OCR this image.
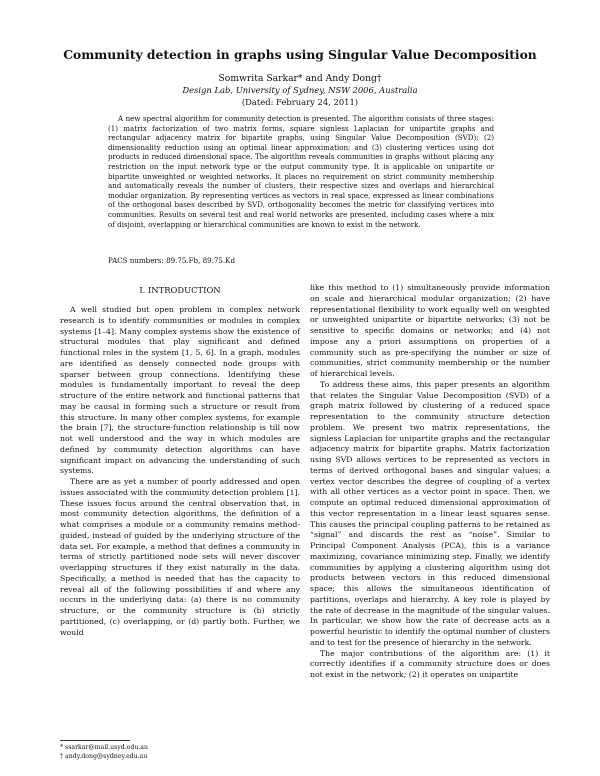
Community detection in graphs using Singular Value Decomposition
Somwrita Sarkar* and Andy Dong†
Design Lab, University of Sydney, NSW 2006, Australia
(Dated: February 24, 2011)
A new spectral algorithm for community detection is presented. The algorithm consists of three stages: (1) matrix factorization of two matrix forms, square signless Laplacian for unipartite graphs and rectangular adjacency matrix for bipartite graphs, using Singular Value Decomposition (SVD); (2) dimensionality reduction using an optimal linear approximation; and (3) clustering vertices using dot products in reduced dimensional space. The algorithm reveals communities in graphs without placing any restriction on the input network type or the output community type. It is applicable on unipartite or bipartite unweighted or weighted networks. It places no requirement on strict community membership and automatically reveals the number of clusters, their respective sizes and overlaps and hierarchical modular organization. By representing vertices as vectors in real space, expressed as linear combinations of the orthogonal bases described by SVD, orthogonality becomes the metric for classifying vertices into communities. Results on several test and real world networks are presented, including cases where a mix of disjoint, overlapping or hierarchical communities are known to exist in the network.
PACS numbers: 89.75.Fb, 89.75.Kd
I. INTRODUCTION

A well studied but open problem in complex network research is to identify communities or modules in complex systems [1–4]. Many complex systems show the existence of structural modules that play significant and defined functional roles in the system [1, 5, 6]. In a graph, modules are identified as densely connected node groups with sparser between group connections. Identifying these modules is fundamentally important to reveal the deep structure of the entire network and functional patterns that may be causal in forming such a structure or result from this structure. In many other complex systems, for example the brain [7], the structure-function relationship is till now not well understood and the way in which modules are defined by community detection algorithms can have significant impact on advancing the understanding of such systems.

There are as yet a number of poorly addressed and open issues associated with the community detection problem [1]. These issues focus around the central observation that, in most community detection algorithms, the definition of a what comprises a module or a community remains method-guided, instead of guided by the underlying structure of the data set. For example, a method that defines a community in terms of strictly partitioned node sets will never discover overlapping structures if they exist naturally in the data. Specifically, a method is needed that has the capacity to reveal all of the following possibilities if and where any occurs in the underlying data: (a) there is no community structure, or the community structure is (b) strictly partitioned, (c) overlapping, or (d) partly both. Further, we would

like this method to (1) simultaneously provide information on scale and hierarchical modular organization; (2) have representational flexibility to work equally well on weighted or unweighted unipartite or bipartite networks; (3) not be sensitive to specific domains or networks; and (4) not impose any a priori assumptions on properties of a community such as pre-specifying the number or size of communities, strict community membership or the number of hierarchical levels.

To address these aims, this paper presents an algorithm that relates the Singular Value Decomposition (SVD) of a graph matrix followed by clustering of a reduced space representation to the community structure detection problem. We present two matrix representations, the signless Laplacian for unipartite graphs and the rectangular adjacency matrix for bipartite graphs. Matrix factorization using SVD allows vertices to be represented as vectors in terms of derived orthogonal bases and singular values; a vertex vector describes the degree of coupling of a vertex with all other vertices as a vector point in space. Then, we compute an optimal reduced dimensional approximation of this vector representation in a linear least squares sense. This causes the principal coupling patterns to be retained as “signal” and discards the rest as “noise”. Similar to Principal Component Analysis (PCA), this is a variance maximizing, covariance minimizing step. Finally, we identify communities by applying a clustering algorithm using dot products between vectors in this reduced dimensional space; this allows the simultaneous identification of partitions, overlaps and hierarchy. A key role is played by the rate of decrease in the magnitude of the singular values. In particular, we show how the rate of decrease acts as a powerful heuristic to identify the optimal number of clusters and to test for the presence of hierarchy in the network.

The major contributions of the algorithm are: (1) it correctly identifies if a community structure does or does not exist in the network; (2) it operates on unipartite

* ssarkar@mail.usyd.edu.au
† andy.dong@sydney.edu.au
